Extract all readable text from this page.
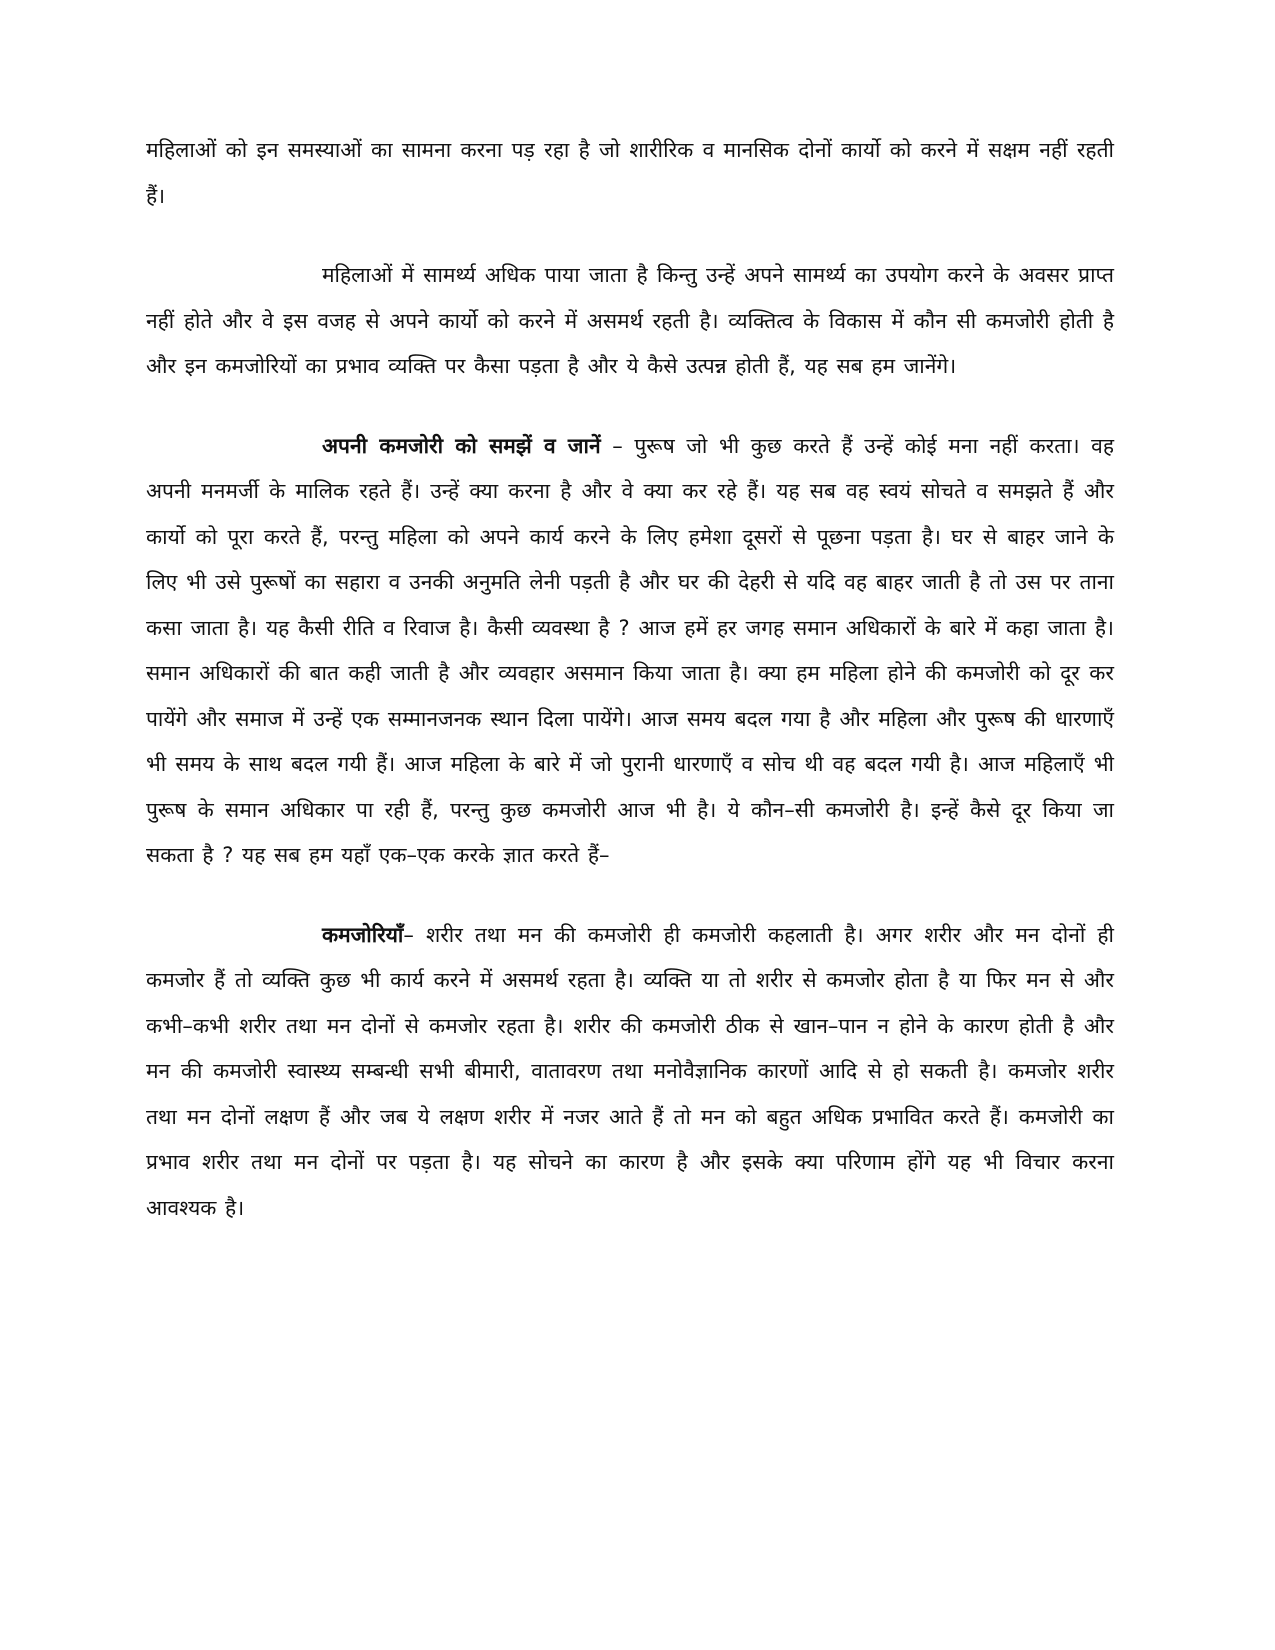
महिलाओं को इन समस्याओं का सामना करना पड़ रहा है जो शारीरिक व मानसिक दोनों कार्यो को करने में सक्षम नहीं रहती हैं।

महिलाओं में सामर्थ्य अधिक पाया जाता है किन्तु उन्हें अपने सामर्थ्य का उपयोग करने के अवसर प्राप्त नहीं होते और वे इस वजह से अपने कार्यो को करने में असमर्थ रहती है। व्यक्तित्व के विकास में कौन सी कमजोरी होती है और इन कमजोरियों का प्रभाव व्यक्ति पर कैसा पड़ता है और ये कैसे उत्पन्न होती हैं, यह सब हम जानेंगे।

अपनी कमजोरी को समझें व जानें – पुरूष जो भी कुछ करते हैं उन्हें कोई मना नहीं करता। वह अपनी मनमर्जी के मालिक रहते हैं। उन्हें क्या करना है और वे क्या कर रहे हैं। यह सब वह स्वयं सोचते व समझते हैं और कार्यो को पूरा करते हैं, परन्तु महिला को अपने कार्य करने के लिए हमेशा दूसरों से पूछना पड़ता है। घर से बाहर जाने के लिए भी उसे पुरूषों का सहारा व उनकी अनुमति लेनी पड़ती है और घर की देहरी से यदि वह बाहर जाती है तो उस पर ताना कसा जाता है। यह कैसी रीति व रिवाज है। कैसी व्यवस्था है ? आज हमें हर जगह समान अधिकारों के बारे में कहा जाता है। समान अधिकारों की बात कही जाती है और व्यवहार असमान किया जाता है। क्या हम महिला होने की कमजोरी को दूर कर पायेंगे और समाज में उन्हें एक सम्मानजनक स्थान दिला पायेंगे। आज समय बदल गया है और महिला और पुरूष की धारणाएँ भी समय के साथ बदल गयी हैं। आज महिला के बारे में जो पुरानी धारणाएँ व सोच थी वह बदल गयी है। आज महिलाएँ भी पुरूष के समान अधिकार पा रही हैं, परन्तु कुछ कमजोरी आज भी है। ये कौन–सी कमजोरी है। इन्हें कैसे दूर किया जा सकता है ? यह सब हम यहाँ एक–एक करके ज्ञात करते हैं–

कमजोरियाँ– शरीर तथा मन की कमजोरी ही कमजोरी कहलाती है। अगर शरीर और मन दोनों ही कमजोर हैं तो व्यक्ति कुछ भी कार्य करने में असमर्थ रहता है। व्यक्ति या तो शरीर से कमजोर होता है या फिर मन से और कभी–कभी शरीर तथा मन दोनों से कमजोर रहता है। शरीर की कमजोरी ठीक से खान–पान न होने के कारण होती है और मन की कमजोरी स्वास्थ्य सम्बन्धी सभी बीमारी, वातावरण तथा मनोवैज्ञानिक कारणों आदि से हो सकती है। कमजोर शरीर तथा मन दोनों लक्षण हैं और जब ये लक्षण शरीर में नजर आते हैं तो मन को बहुत अधिक प्रभावित करते हैं। कमजोरी का प्रभाव शरीर तथा मन दोनों पर पड़ता है। यह सोचने का कारण है और इसके क्या परिणाम होंगे यह भी विचार करना आवश्यक है।
